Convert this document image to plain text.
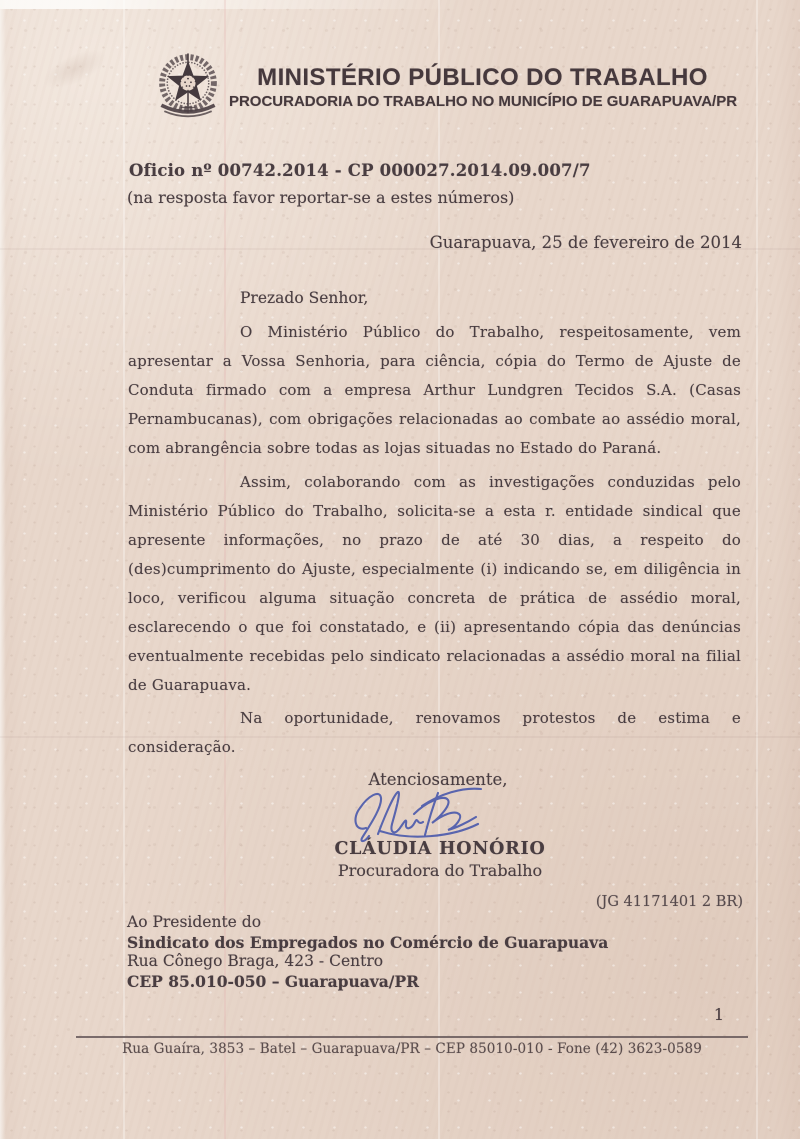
MINISTÉRIO PÚBLICO DO TRABALHO
PROCURADORIA DO TRABALHO NO MUNICÍPIO DE GUARAPUAVA/PR
Oficio nº 00742.2014 - CP 000027.2014.09.007/7
(na resposta favor reportar-se a estes números)
Guarapuava, 25 de fevereiro de 2014
Prezado Senhor,
O Ministério Público do Trabalho, respeitosamente, vem
apresentar a Vossa Senhoria, para ciência, cópia do Termo de Ajuste de
Conduta firmado com a empresa Arthur Lundgren Tecidos S.A. (Casas
Pernambucanas), com obrigações relacionadas ao combate ao assédio moral,
com abrangência sobre todas as lojas situadas no Estado do Paraná.
Assim, colaborando com as investigações conduzidas pelo
Ministério Público do Trabalho, solicita-se a esta r. entidade sindical que
apresente informações, no prazo de até 30 dias, a respeito do
(des)cumprimento do Ajuste, especialmente (i) indicando se, em diligência in
loco, verificou alguma situação concreta de prática de assédio moral,
esclarecendo o que foi constatado, e (ii) apresentando cópia das denúncias
eventualmente recebidas pelo sindicato relacionadas a assédio moral na filial
de Guarapuava.
Na oportunidade, renovamos protestos de estima e
consideração.
Atenciosamente,
CLÁUDIA HONÓRIO
Procuradora do Trabalho
(JG 41171401 2 BR)
Ao Presidente do
Sindicato dos Empregados no Comércio de Guarapuava
Rua Cônego Braga, 423 - Centro
CEP 85.010-050 – Guarapuava/PR
1
Rua Guaíra, 3853 – Batel – Guarapuava/PR – CEP 85010-010 - Fone (42) 3623-0589
